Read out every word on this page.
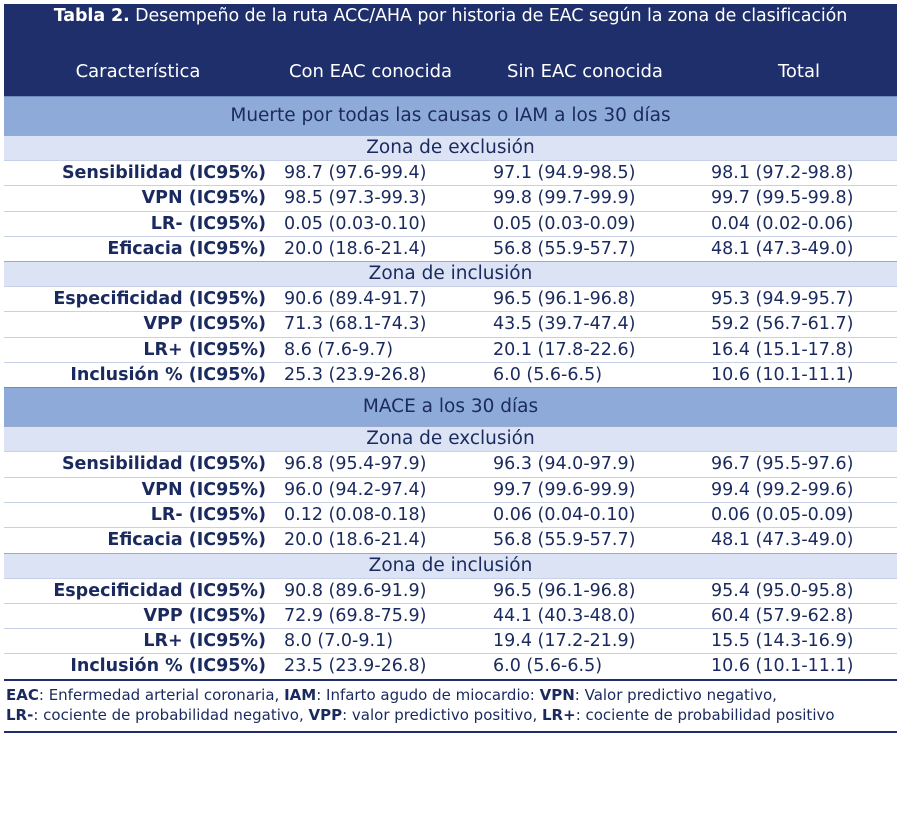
Tabla 2. Desempeño de la ruta ACC/AHA por historia de EAC según la zona de clasificación
Característica	Con EAC conocida	Sin EAC conocida	Total
Muerte por todas las causas o IAM a los 30 días
Zona de exclusión
Sensibilidad (IC95%)	98.7 (97.6-99.4)	97.1 (94.9-98.5)	98.1 (97.2-98.8)
VPN (IC95%)	98.5 (97.3-99.3)	99.8 (99.7-99.9)	99.7 (99.5-99.8)
LR- (IC95%)	0.05 (0.03-0.10)	0.05 (0.03-0.09)	0.04 (0.02-0.06)
Eficacia (IC95%)	20.0 (18.6-21.4)	56.8 (55.9-57.7)	48.1 (47.3-49.0)
Zona de inclusión
Especificidad (IC95%)	90.6 (89.4-91.7)	96.5 (96.1-96.8)	95.3 (94.9-95.7)
VPP (IC95%)	71.3 (68.1-74.3)	43.5 (39.7-47.4)	59.2 (56.7-61.7)
LR+ (IC95%)	8.6 (7.6-9.7)	20.1 (17.8-22.6)	16.4 (15.1-17.8)
Inclusión % (IC95%)	25.3 (23.9-26.8)	6.0 (5.6-6.5)	10.6 (10.1-11.1)
MACE a los 30 días
Zona de exclusión
Sensibilidad (IC95%)	96.8 (95.4-97.9)	96.3 (94.0-97.9)	96.7 (95.5-97.6)
VPN (IC95%)	96.0 (94.2-97.4)	99.7 (99.6-99.9)	99.4 (99.2-99.6)
LR- (IC95%)	0.12 (0.08-0.18)	0.06 (0.04-0.10)	0.06 (0.05-0.09)
Eficacia (IC95%)	20.0 (18.6-21.4)	56.8 (55.9-57.7)	48.1 (47.3-49.0)
Zona de inclusión
Especificidad (IC95%)	90.8 (89.6-91.9)	96.5 (96.1-96.8)	95.4 (95.0-95.8)
VPP (IC95%)	72.9 (69.8-75.9)	44.1 (40.3-48.0)	60.4 (57.9-62.8)
LR+ (IC95%)	8.0 (7.0-9.1)	19.4 (17.2-21.9)	15.5 (14.3-16.9)
Inclusión % (IC95%)	23.5 (23.9-26.8)	6.0 (5.6-6.5)	10.6 (10.1-11.1)
EAC: Enfermedad arterial coronaria, IAM: Infarto agudo de miocardio: VPN: Valor predictivo negativo,
LR-: cociente de probabilidad negativo, VPP: valor predictivo positivo, LR+: cociente de probabilidad positivo
